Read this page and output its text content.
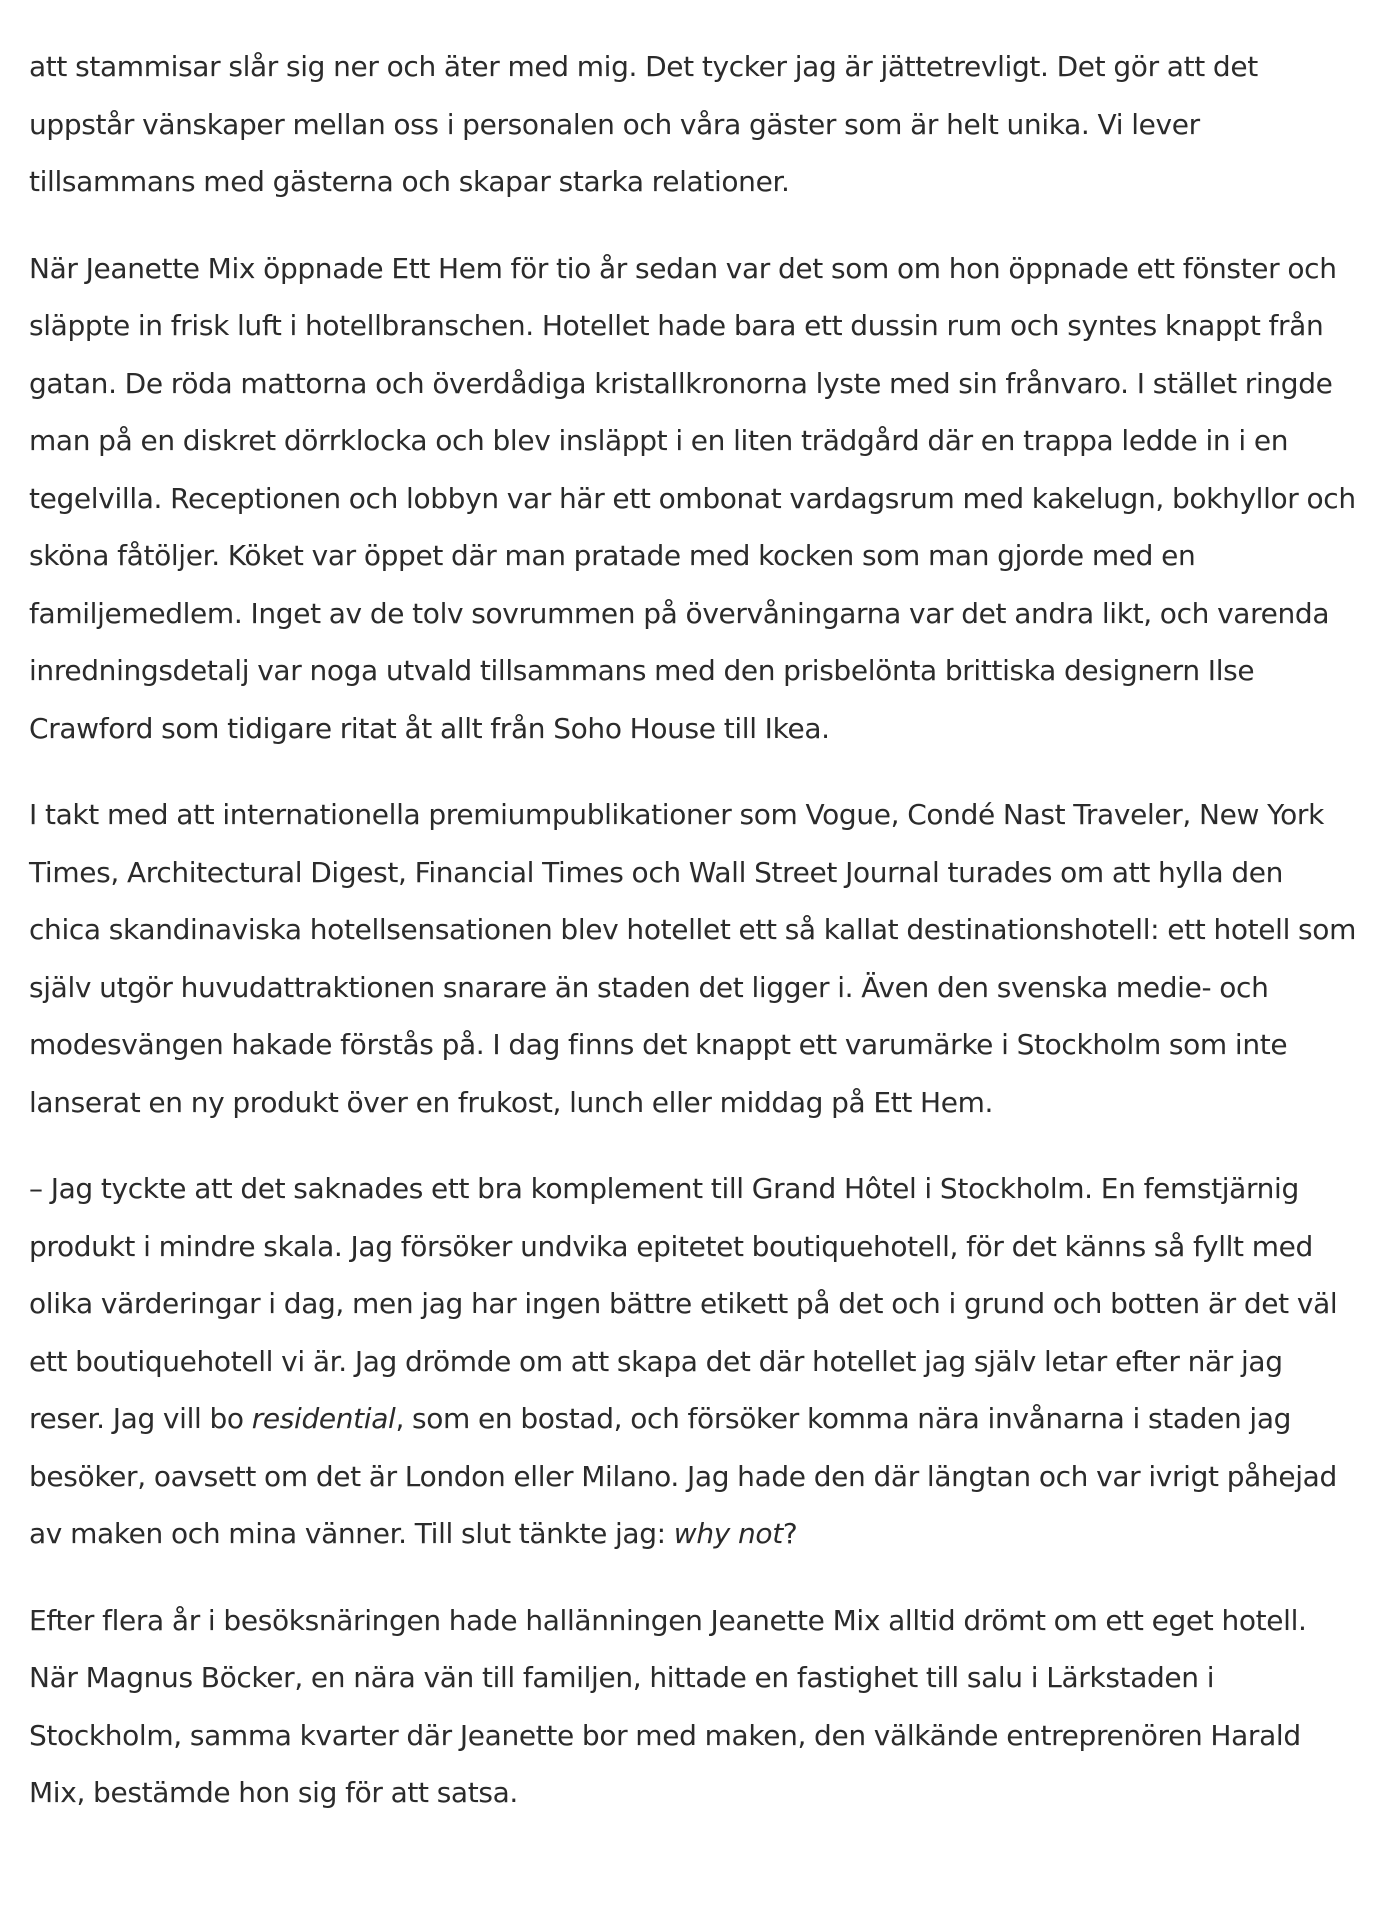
att stammisar slår sig ner och äter med mig. Det tycker jag är jättetrevligt. Det gör att det uppstår vänskaper mellan oss i personalen och våra gäster som är helt unika. Vi lever tillsammans med gästerna och skapar starka relationer.

När Jeanette Mix öppnade Ett Hem för tio år sedan var det som om hon öppnade ett fönster och släppte in frisk luft i hotellbranschen. Hotellet hade bara ett dussin rum och syntes knappt från gatan. De röda mattorna och överdådiga kristallkronorna lyste med sin frånvaro. I stället ringde man på en diskret dörrklocka och blev insläppt i en liten trädgård där en trappa ledde in i en tegelvilla. Receptionen och lobbyn var här ett ombonat vardagsrum med kakelugn, bokhyllor och sköna fåtöljer. Köket var öppet där man pratade med kocken som man gjorde med en familjemedlem. Inget av de tolv sovrummen på övervåningarna var det andra likt, och varenda inredningsdetalj var noga utvald tillsammans med den prisbelönta brittiska designern Ilse Crawford som tidigare ritat åt allt från Soho House till Ikea.

I takt med att internationella premiumpublikationer som Vogue, Condé Nast Traveler, New York Times, Architectural Digest, Financial Times och Wall Street Journal turades om att hylla den chica skandinaviska hotellsensationen blev hotellet ett så kallat destinationshotell: ett hotell som själv utgör huvudattraktionen snarare än staden det ligger i. Även den svenska medie- och modesvängen hakade förstås på. I dag finns det knappt ett varumärke i Stockholm som inte lanserat en ny produkt över en frukost, lunch eller middag på Ett Hem.

– Jag tyckte att det saknades ett bra komplement till Grand Hôtel i Stockholm. En femstjärnig produkt i mindre skala. Jag försöker undvika epitetet boutiquehotell, för det känns så fyllt med olika värderingar i dag, men jag har ingen bättre etikett på det och i grund och botten är det väl ett boutiquehotell vi är. Jag drömde om att skapa det där hotellet jag själv letar efter när jag reser. Jag vill bo residential, som en bostad, och försöker komma nära invånarna i staden jag besöker, oavsett om det är London eller Milano. Jag hade den där längtan och var ivrigt påhejad av maken och mina vänner. Till slut tänkte jag: why not?

Efter flera år i besöksnäringen hade hallänningen Jeanette Mix alltid drömt om ett eget hotell. När Magnus Böcker, en nära vän till familjen, hittade en fastighet till salu i Lärkstaden i Stockholm, samma kvarter där Jeanette bor med maken, den välkände entreprenören Harald Mix, bestämde hon sig för att satsa.
